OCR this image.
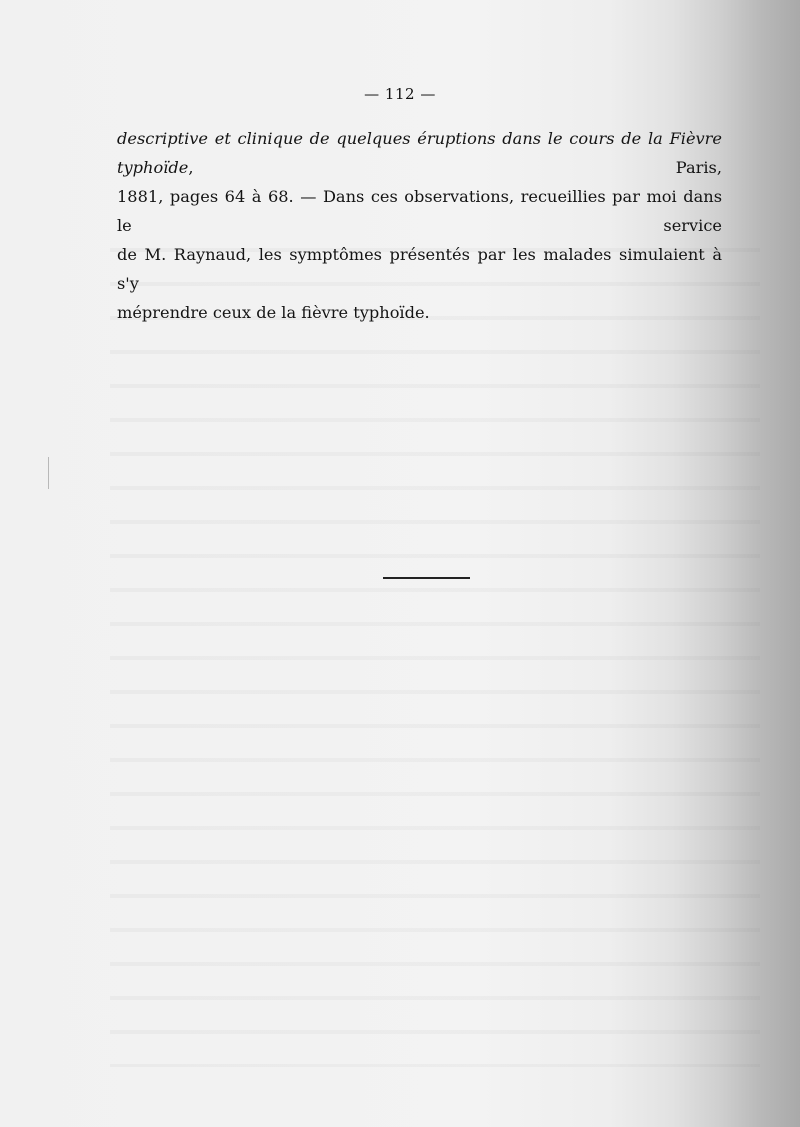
— 112 —
descriptive et clinique de quelques éruptions dans le cours de la Fièvre typhoïde, Paris,
1881, pages 64 à 68. — Dans ces observations, recueillies par moi dans le service
de M. Raynaud, les symptômes présentés par les malades simulaient à s'y
méprendre ceux de la fièvre typhoïde.
